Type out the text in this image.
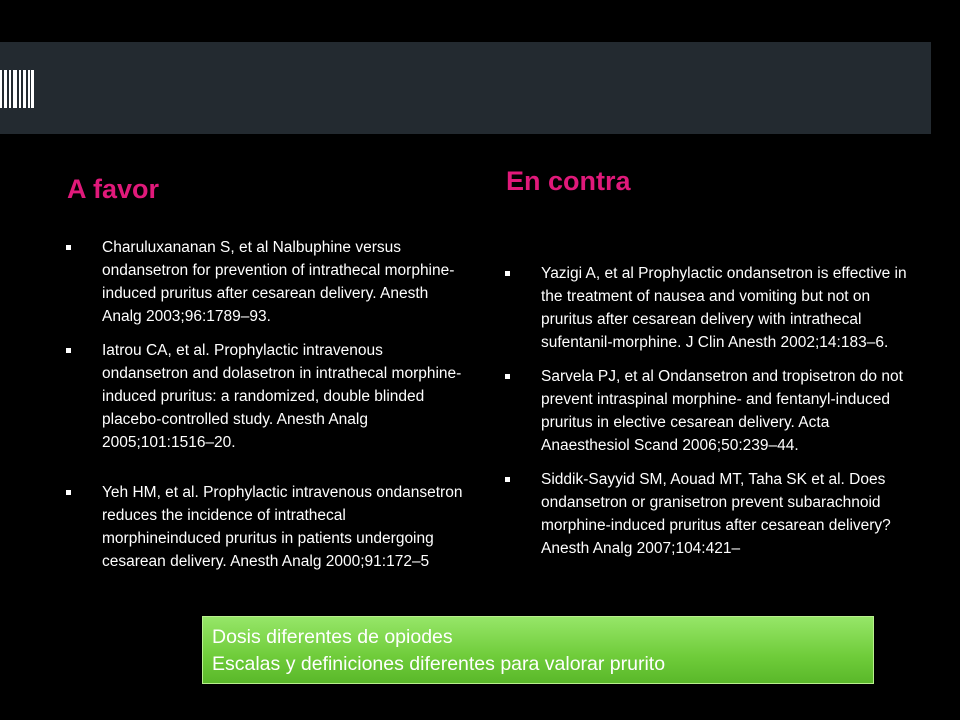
A favor	En contra
Charuluxananan S, et al Nalbuphine versus ondansetron for prevention of intrathecal morphine-induced pruritus after cesarean delivery. Anesth Analg 2003;96:1789–93.
Iatrou CA, et al. Prophylactic intravenous ondansetron and dolasetron in intrathecal morphine-induced pruritus: a randomized, double blinded placebo-controlled study. Anesth Analg 2005;101:1516–20.
Yeh HM, et al. Prophylactic intravenous ondansetron reduces the incidence of intrathecal morphineinduced pruritus in patients undergoing cesarean delivery. Anesth Analg 2000;91:172–5
Yazigi A, et al Prophylactic ondansetron is effective in the treatment of nausea and vomiting but not on pruritus after cesarean delivery with intrathecal sufentanil-morphine. J Clin Anesth 2002;14:183–6.
Sarvela PJ, et al Ondansetron and tropisetron do not prevent intraspinal morphine- and fentanyl-induced pruritus in elective cesarean delivery. Acta Anaesthesiol Scand 2006;50:239–44.
Siddik-Sayyid SM, Aouad MT, Taha SK et al. Does ondansetron or granisetron prevent subarachnoid morphine-induced pruritus after cesarean delivery? Anesth Analg 2007;104:421–
Dosis diferentes de opiodes
Escalas y definiciones diferentes para valorar prurito
